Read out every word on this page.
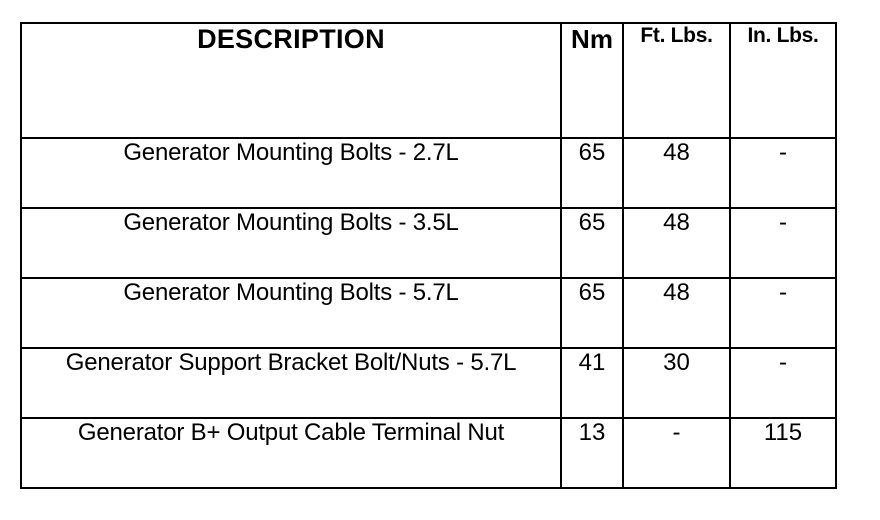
DESCRIPTION	Nm	Ft. Lbs.	In. Lbs.
Generator Mounting Bolts - 2.7L	65	48	-
Generator Mounting Bolts - 3.5L	65	48	-
Generator Mounting Bolts - 5.7L	65	48	-
Generator Support Bracket Bolt/Nuts - 5.7L	41	30	-
Generator B+ Output Cable Terminal Nut	13	-	115
